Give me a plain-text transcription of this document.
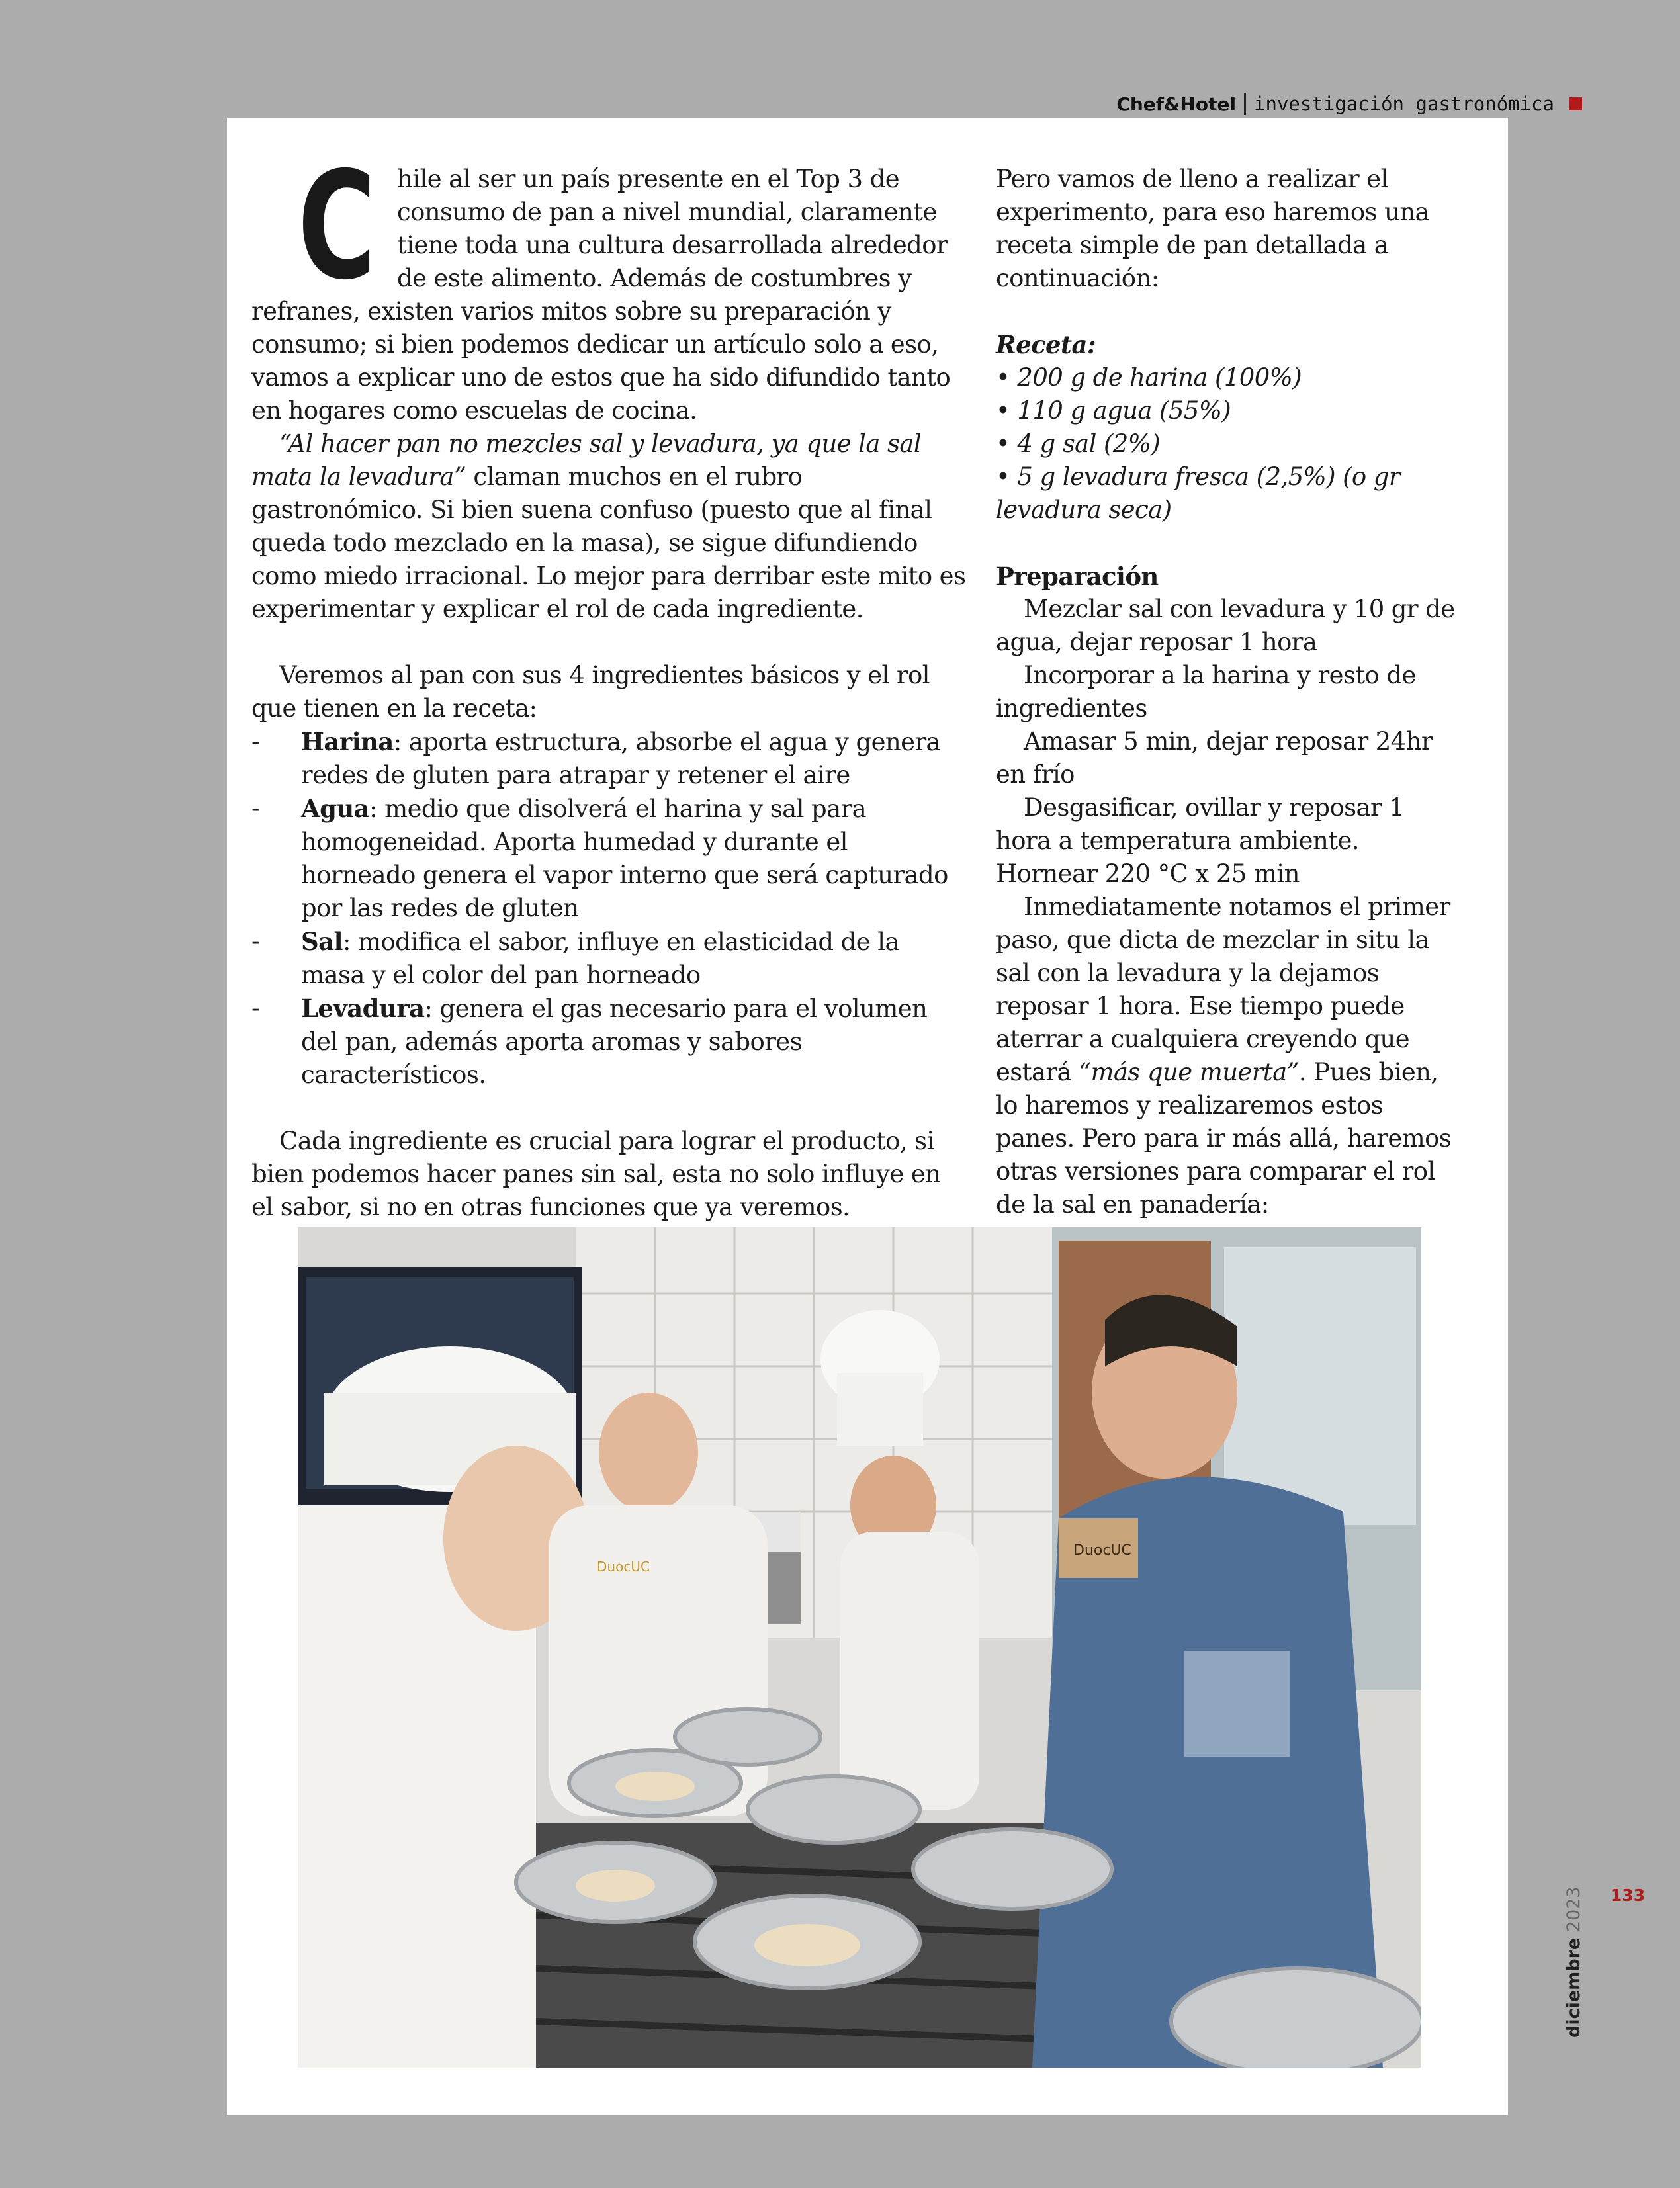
Chef&Hotel investigación gastronómica

Chile al ser un país presente en el Top 3 de consumo de pan a nivel mundial, claramente tiene toda una cultura desarrollada alrededor de este alimento. Además de costumbres y refranes, existen varios mitos sobre su preparación y consumo; si bien podemos dedicar un artículo solo a eso, vamos a explicar uno de estos que ha sido difundido tanto en hogares como escuelas de cocina.

“Al hacer pan no mezcles sal y levadura, ya que la sal mata la levadura” claman muchos en el rubro gastronómico. Si bien suena confuso (puesto que al final queda todo mezclado en la masa), se sigue difundiendo como miedo irracional. Lo mejor para derribar este mito es experimentar y explicar el rol de cada ingrediente.

Veremos al pan con sus 4 ingredientes básicos y el rol que tienen en la receta:

-	Harina: aporta estructura, absorbe el agua y genera redes de gluten para atrapar y retener el aire
-	Agua: medio que disolverá el harina y sal para homogeneidad. Aporta humedad y durante el horneado genera el vapor interno que será capturado por las redes de gluten
-	Sal: modifica el sabor, influye en elasticidad de la masa y el color del pan horneado
-	Levadura: genera el gas necesario para el volumen del pan, además aporta aromas y sabores característicos.

Cada ingrediente es crucial para lograr el producto, si bien podemos hacer panes sin sal, esta no solo influye en el sabor, si no en otras funciones que ya veremos.

Pero vamos de lleno a realizar el experimento, para eso haremos una receta simple de pan detallada a continuación:

Receta:

• 200 g de harina (100%)

• 110 g agua (55%)

• 4 g sal (2%)

• 5 g levadura fresca (2,5%) (o gr levadura seca)

Preparación

Mezclar sal con levadura y 10 gr de agua, dejar reposar 1 hora

Incorporar a la harina y resto de ingredientes

Amasar 5 min, dejar reposar 24hr en frío

Desgasificar, ovillar y reposar 1 hora a temperatura ambiente.

Hornear 220 °C x 25 min

Inmediatamente notamos el primer paso, que dicta de mezclar in situ la sal con la levadura y la dejamos reposar 1 hora. Ese tiempo puede aterrar a cualquiera creyendo que estará “más que muerta”. Pues bien, lo haremos y realizaremos estos panes. Pero para ir más allá, haremos otras versiones para comparar el rol de la sal en panadería:

DuocUC
DuocUC
133
diciembre 2023
